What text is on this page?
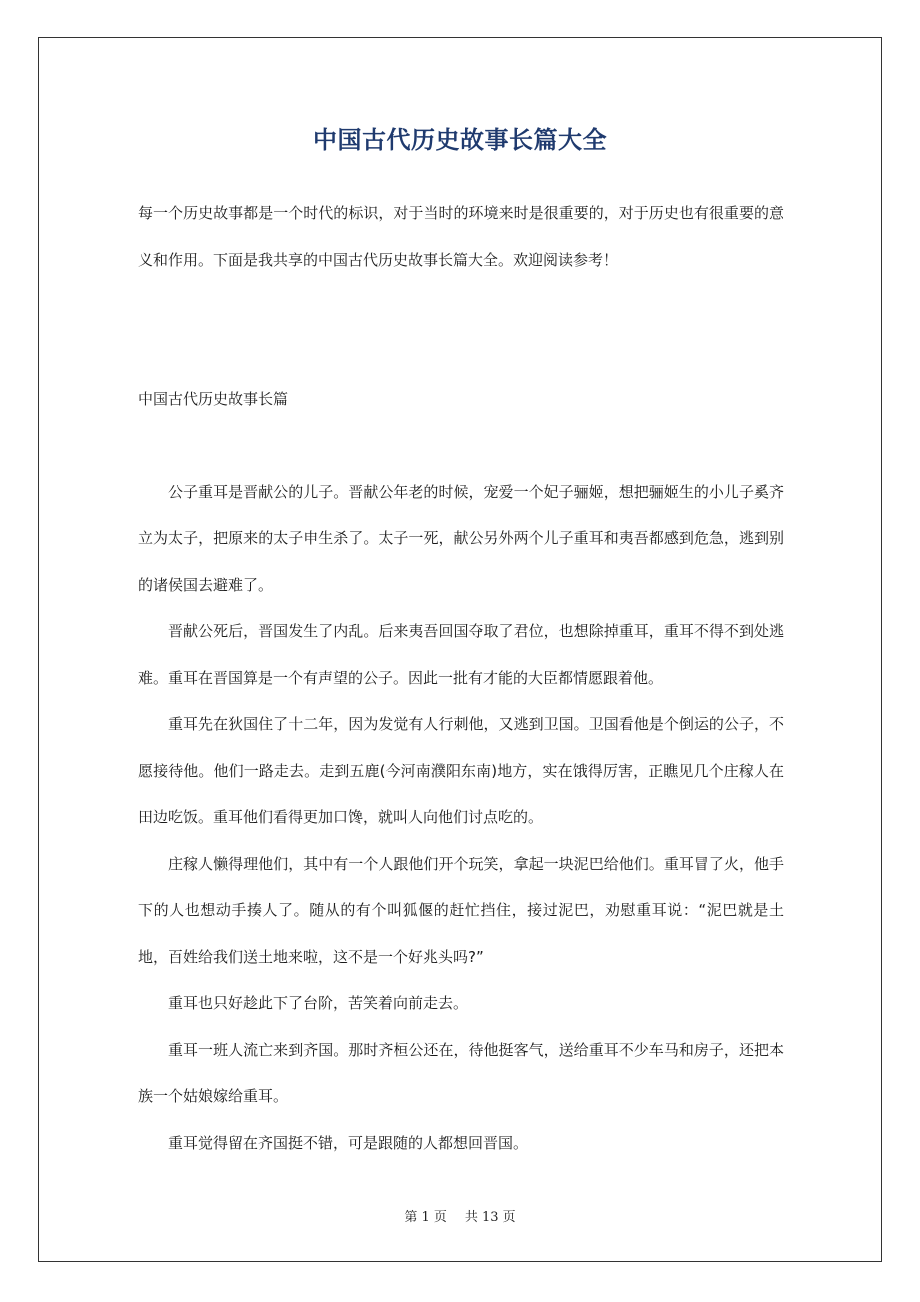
中国古代历史故事长篇大全

每一个历史故事都是一个时代的标识，对于当时的环境来时是很重要的，对于历史也有很重要的意义和作用。下面是我共享的中国古代历史故事长篇大全。欢迎阅读参考！

中国古代历史故事长篇

公子重耳是晋献公的儿子。晋献公年老的时候，宠爱一个妃子骊姬，想把骊姬生的小儿子奚齐立为太子，把原来的太子申生杀了。太子一死，献公另外两个儿子重耳和夷吾都感到危急，逃到别的诸侯国去避难了。

晋献公死后，晋国发生了内乱。后来夷吾回国夺取了君位，也想除掉重耳，重耳不得不到处逃难。重耳在晋国算是一个有声望的公子。因此一批有才能的大臣都情愿跟着他。

重耳先在狄国住了十二年，因为发觉有人行刺他，又逃到卫国。卫国看他是个倒运的公子，不愿接待他。他们一路走去。走到五鹿(今河南濮阳东南)地方，实在饿得厉害，正瞧见几个庄稼人在田边吃饭。重耳他们看得更加口馋，就叫人向他们讨点吃的。

庄稼人懒得理他们，其中有一个人跟他们开个玩笑，拿起一块泥巴给他们。重耳冒了火，他手下的人也想动手揍人了。随从的有个叫狐偃的赶忙挡住，接过泥巴，劝慰重耳说：“泥巴就是土地，百姓给我们送土地来啦，这不是一个好兆头吗?”

重耳也只好趁此下了台阶，苦笑着向前走去。

重耳一班人流亡来到齐国。那时齐桓公还在，待他挺客气，送给重耳不少车马和房子，还把本族一个姑娘嫁给重耳。

重耳觉得留在齐国挺不错，可是跟随的人都想回晋国。

第 1 页 共 13 页
